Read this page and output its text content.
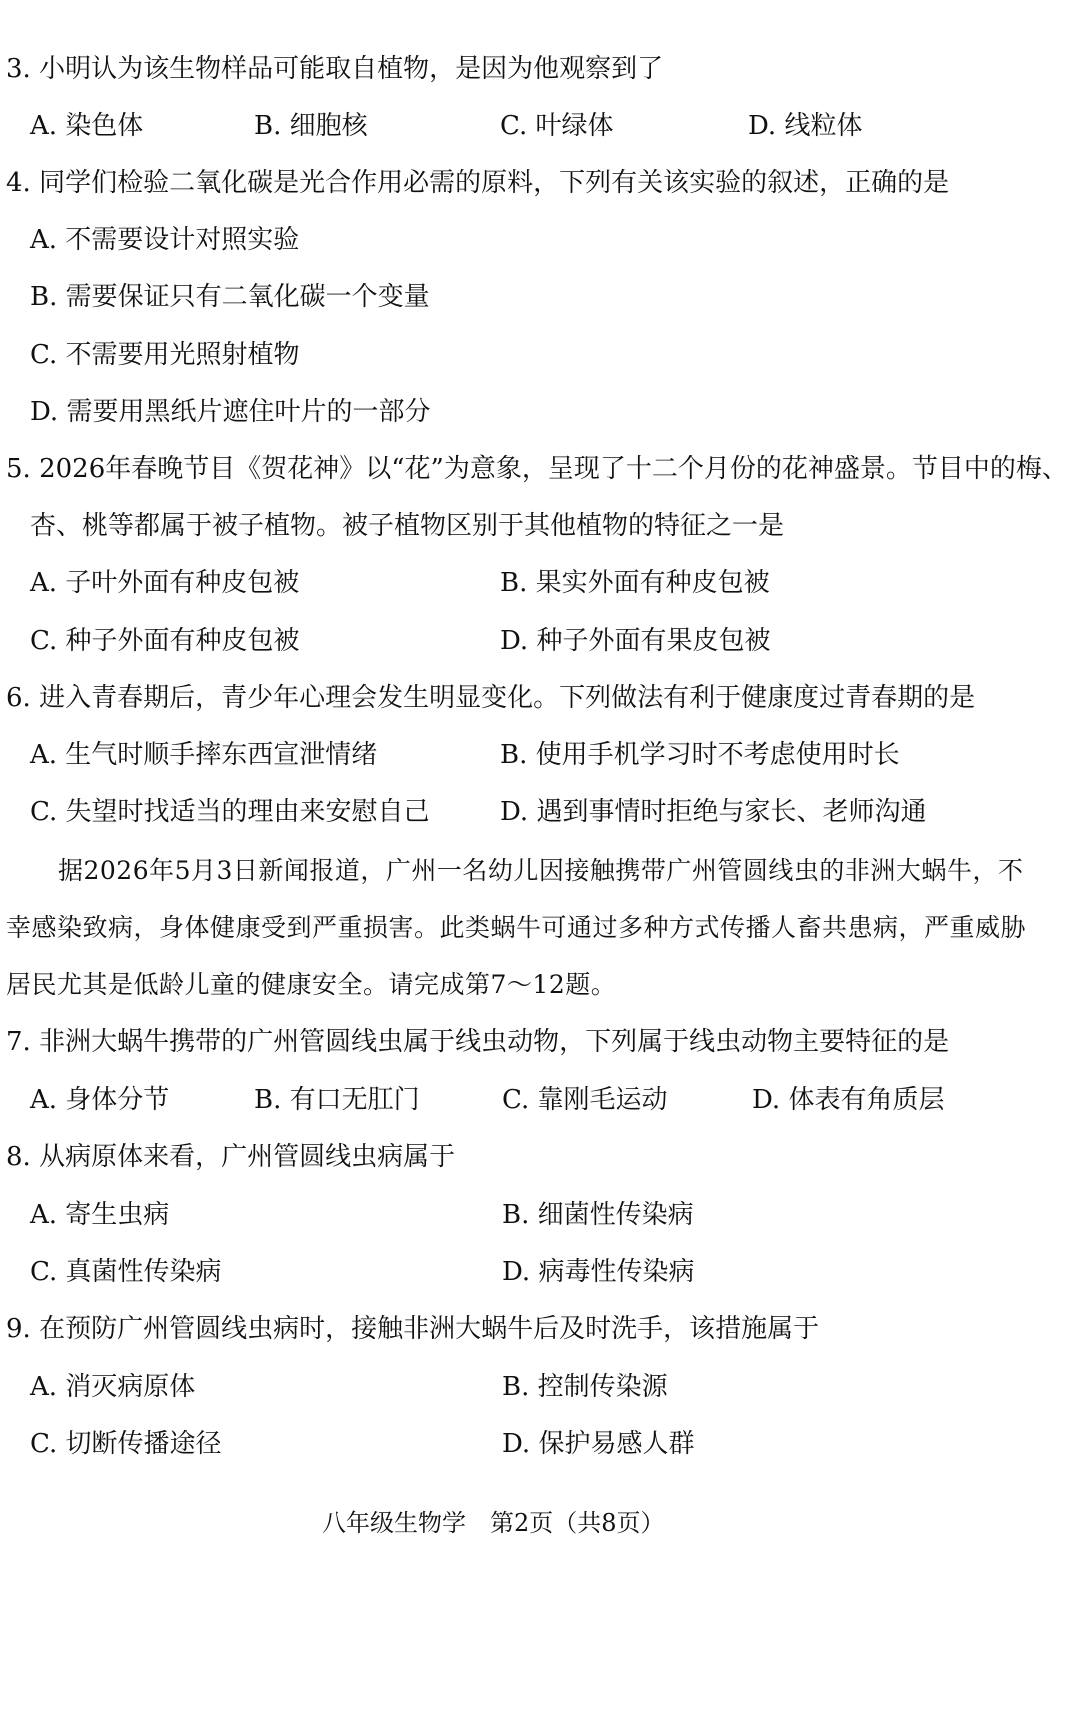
3. 小明认为该生物样品可能取自植物，是因为他观察到了
A. 染色体	B. 细胞核	C. 叶绿体	D. 线粒体
4. 同学们检验二氧化碳是光合作用必需的原料，下列有关该实验的叙述，正确的是
A. 不需要设计对照实验
B. 需要保证只有二氧化碳一个变量
C. 不需要用光照射植物
D. 需要用黑纸片遮住叶片的一部分
5. 2026年春晚节目《贺花神》以“花”为意象，呈现了十二个月份的花神盛景。节目中的梅、
杏、桃等都属于被子植物。被子植物区别于其他植物的特征之一是
A. 子叶外面有种皮包被	B. 果实外面有种皮包被
C. 种子外面有种皮包被	D. 种子外面有果皮包被
6. 进入青春期后，青少年心理会发生明显变化。下列做法有利于健康度过青春期的是
A. 生气时顺手摔东西宣泄情绪	B. 使用手机学习时不考虑使用时长
C. 失望时找适当的理由来安慰自己	D. 遇到事情时拒绝与家长、老师沟通
据2026年5月3日新闻报道，广州一名幼儿因接触携带广州管圆线虫的非洲大蜗牛，不
幸感染致病，身体健康受到严重损害。此类蜗牛可通过多种方式传播人畜共患病，严重威胁
居民尤其是低龄儿童的健康安全。请完成第7～12题。
7. 非洲大蜗牛携带的广州管圆线虫属于线虫动物，下列属于线虫动物主要特征的是
A. 身体分节	B. 有口无肛门	C. 靠刚毛运动	D. 体表有角质层
8. 从病原体来看，广州管圆线虫病属于
A. 寄生虫病	B. 细菌性传染病
C. 真菌性传染病	D. 病毒性传染病
9. 在预防广州管圆线虫病时，接触非洲大蜗牛后及时洗手，该措施属于
A. 消灭病原体	B. 控制传染源
C. 切断传播途径	D. 保护易感人群
八年级生物学　第2页（共8页）
